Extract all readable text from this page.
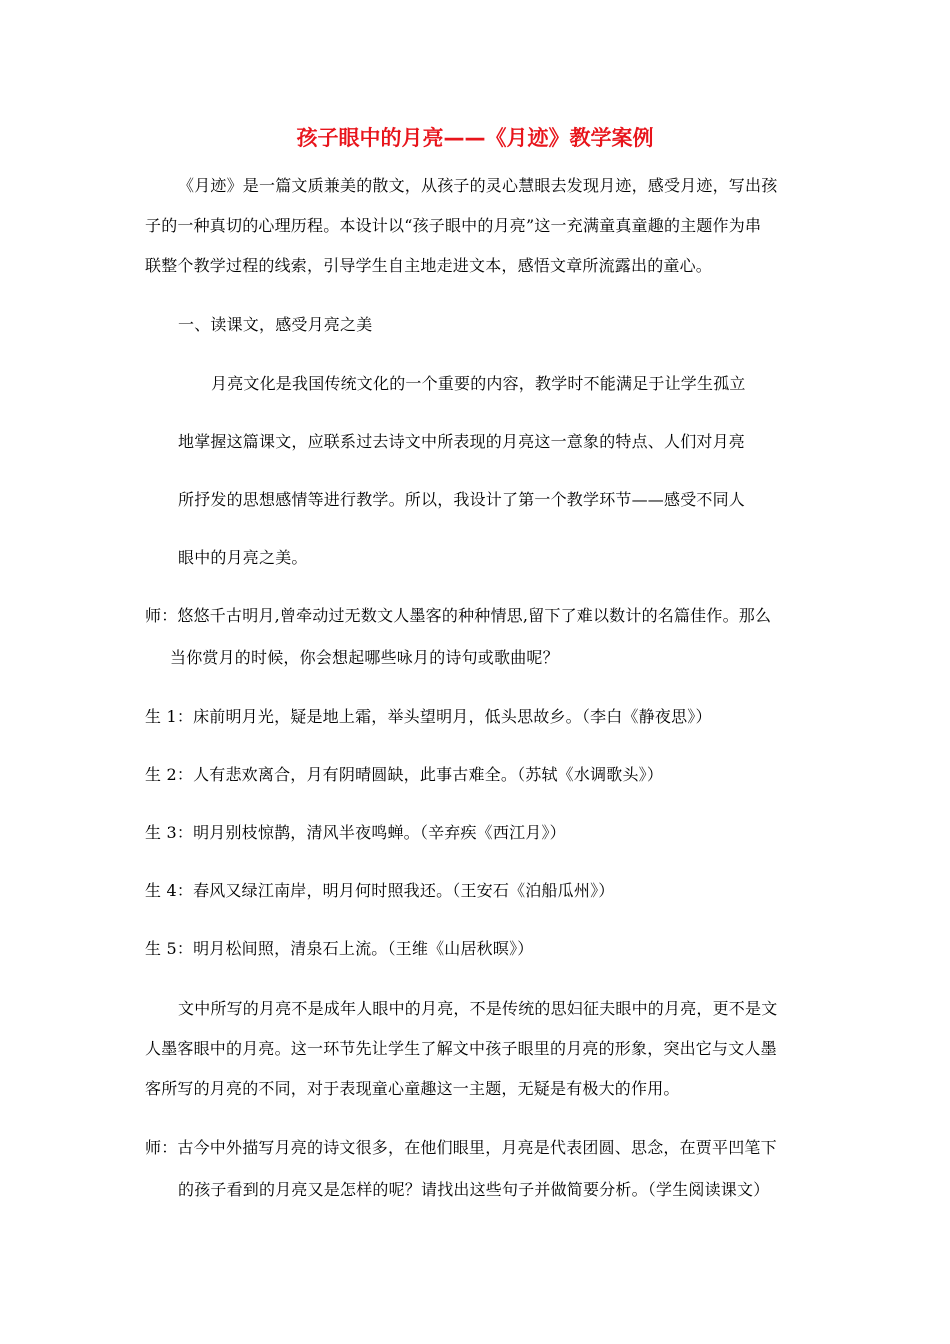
孩子眼中的月亮——《月迹》教学案例
《月迹》是一篇文质兼美的散文，从孩子的灵心慧眼去发现月迹，感受月迹，写出孩
子的一种真切的心理历程。本设计以“孩子眼中的月亮”这一充满童真童趣的主题作为串
联整个教学过程的线索，引导学生自主地走进文本，感悟文章所流露出的童心。
一、读课文，感受月亮之美
月亮文化是我国传统文化的一个重要的内容，教学时不能满足于让学生孤立
地掌握这篇课文，应联系过去诗文中所表现的月亮这一意象的特点、人们对月亮
所抒发的思想感情等进行教学。所以，我设计了第一个教学环节——感受不同人
眼中的月亮之美。
师：悠悠千古明月,曾牵动过无数文人墨客的种种情思,留下了难以数计的名篇佳作。那么
当你赏月的时候，你会想起哪些咏月的诗句或歌曲呢？
生 1：床前明月光，疑是地上霜，举头望明月，低头思故乡。（李白《静夜思》）
生 2：人有悲欢离合，月有阴晴圆缺，此事古难全。（苏轼《水调歌头》）
生 3：明月别枝惊鹊，清风半夜鸣蝉。（辛弃疾《西江月》）
生 4：春风又绿江南岸，明月何时照我还。（王安石《泊船瓜州》）
生 5：明月松间照，清泉石上流。（王维《山居秋暝》）
文中所写的月亮不是成年人眼中的月亮，不是传统的思妇征夫眼中的月亮，更不是文
人墨客眼中的月亮。这一环节先让学生了解文中孩子眼里的月亮的形象，突出它与文人墨
客所写的月亮的不同，对于表现童心童趣这一主题，无疑是有极大的作用。
师：古今中外描写月亮的诗文很多，在他们眼里，月亮是代表团圆、思念，在贾平凹笔下
的孩子看到的月亮又是怎样的呢？请找出这些句子并做简要分析。（学生阅读课文）
